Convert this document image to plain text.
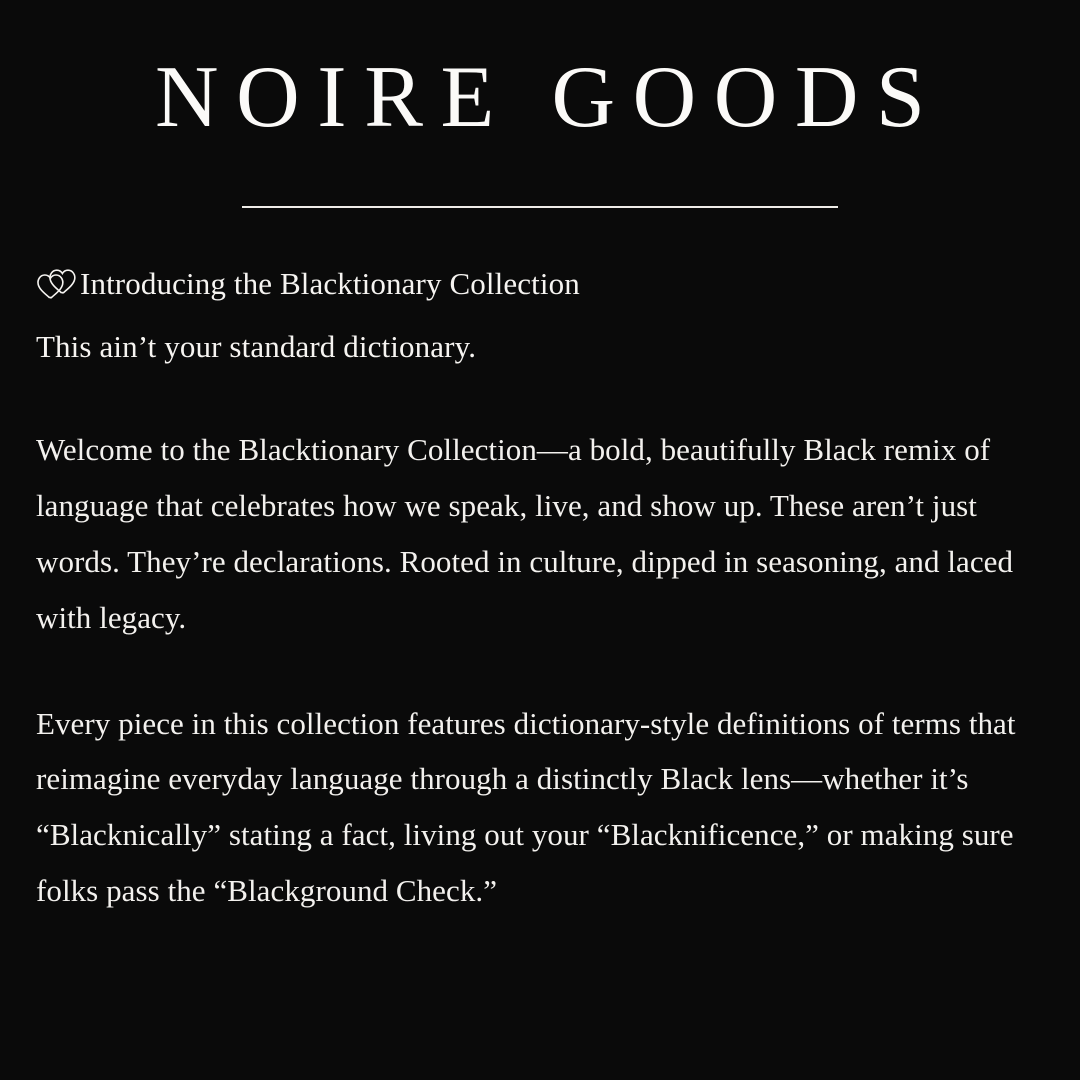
NOIRE GOODS
Introducing the Blacktionary Collection
This ain’t your standard dictionary.

Welcome to the Blacktionary Collection—a bold, beautifully Black remix of language that celebrates how we speak, live, and show up. These aren’t just words. They’re declarations. Rooted in culture, dipped in seasoning, and laced with legacy.

Every piece in this collection features dictionary-style definitions of terms that reimagine everyday language through a distinctly Black lens—whether it’s “Blacknically” stating a fact, living out your “Blacknificence,” or making sure folks pass the “Blackground Check.”
